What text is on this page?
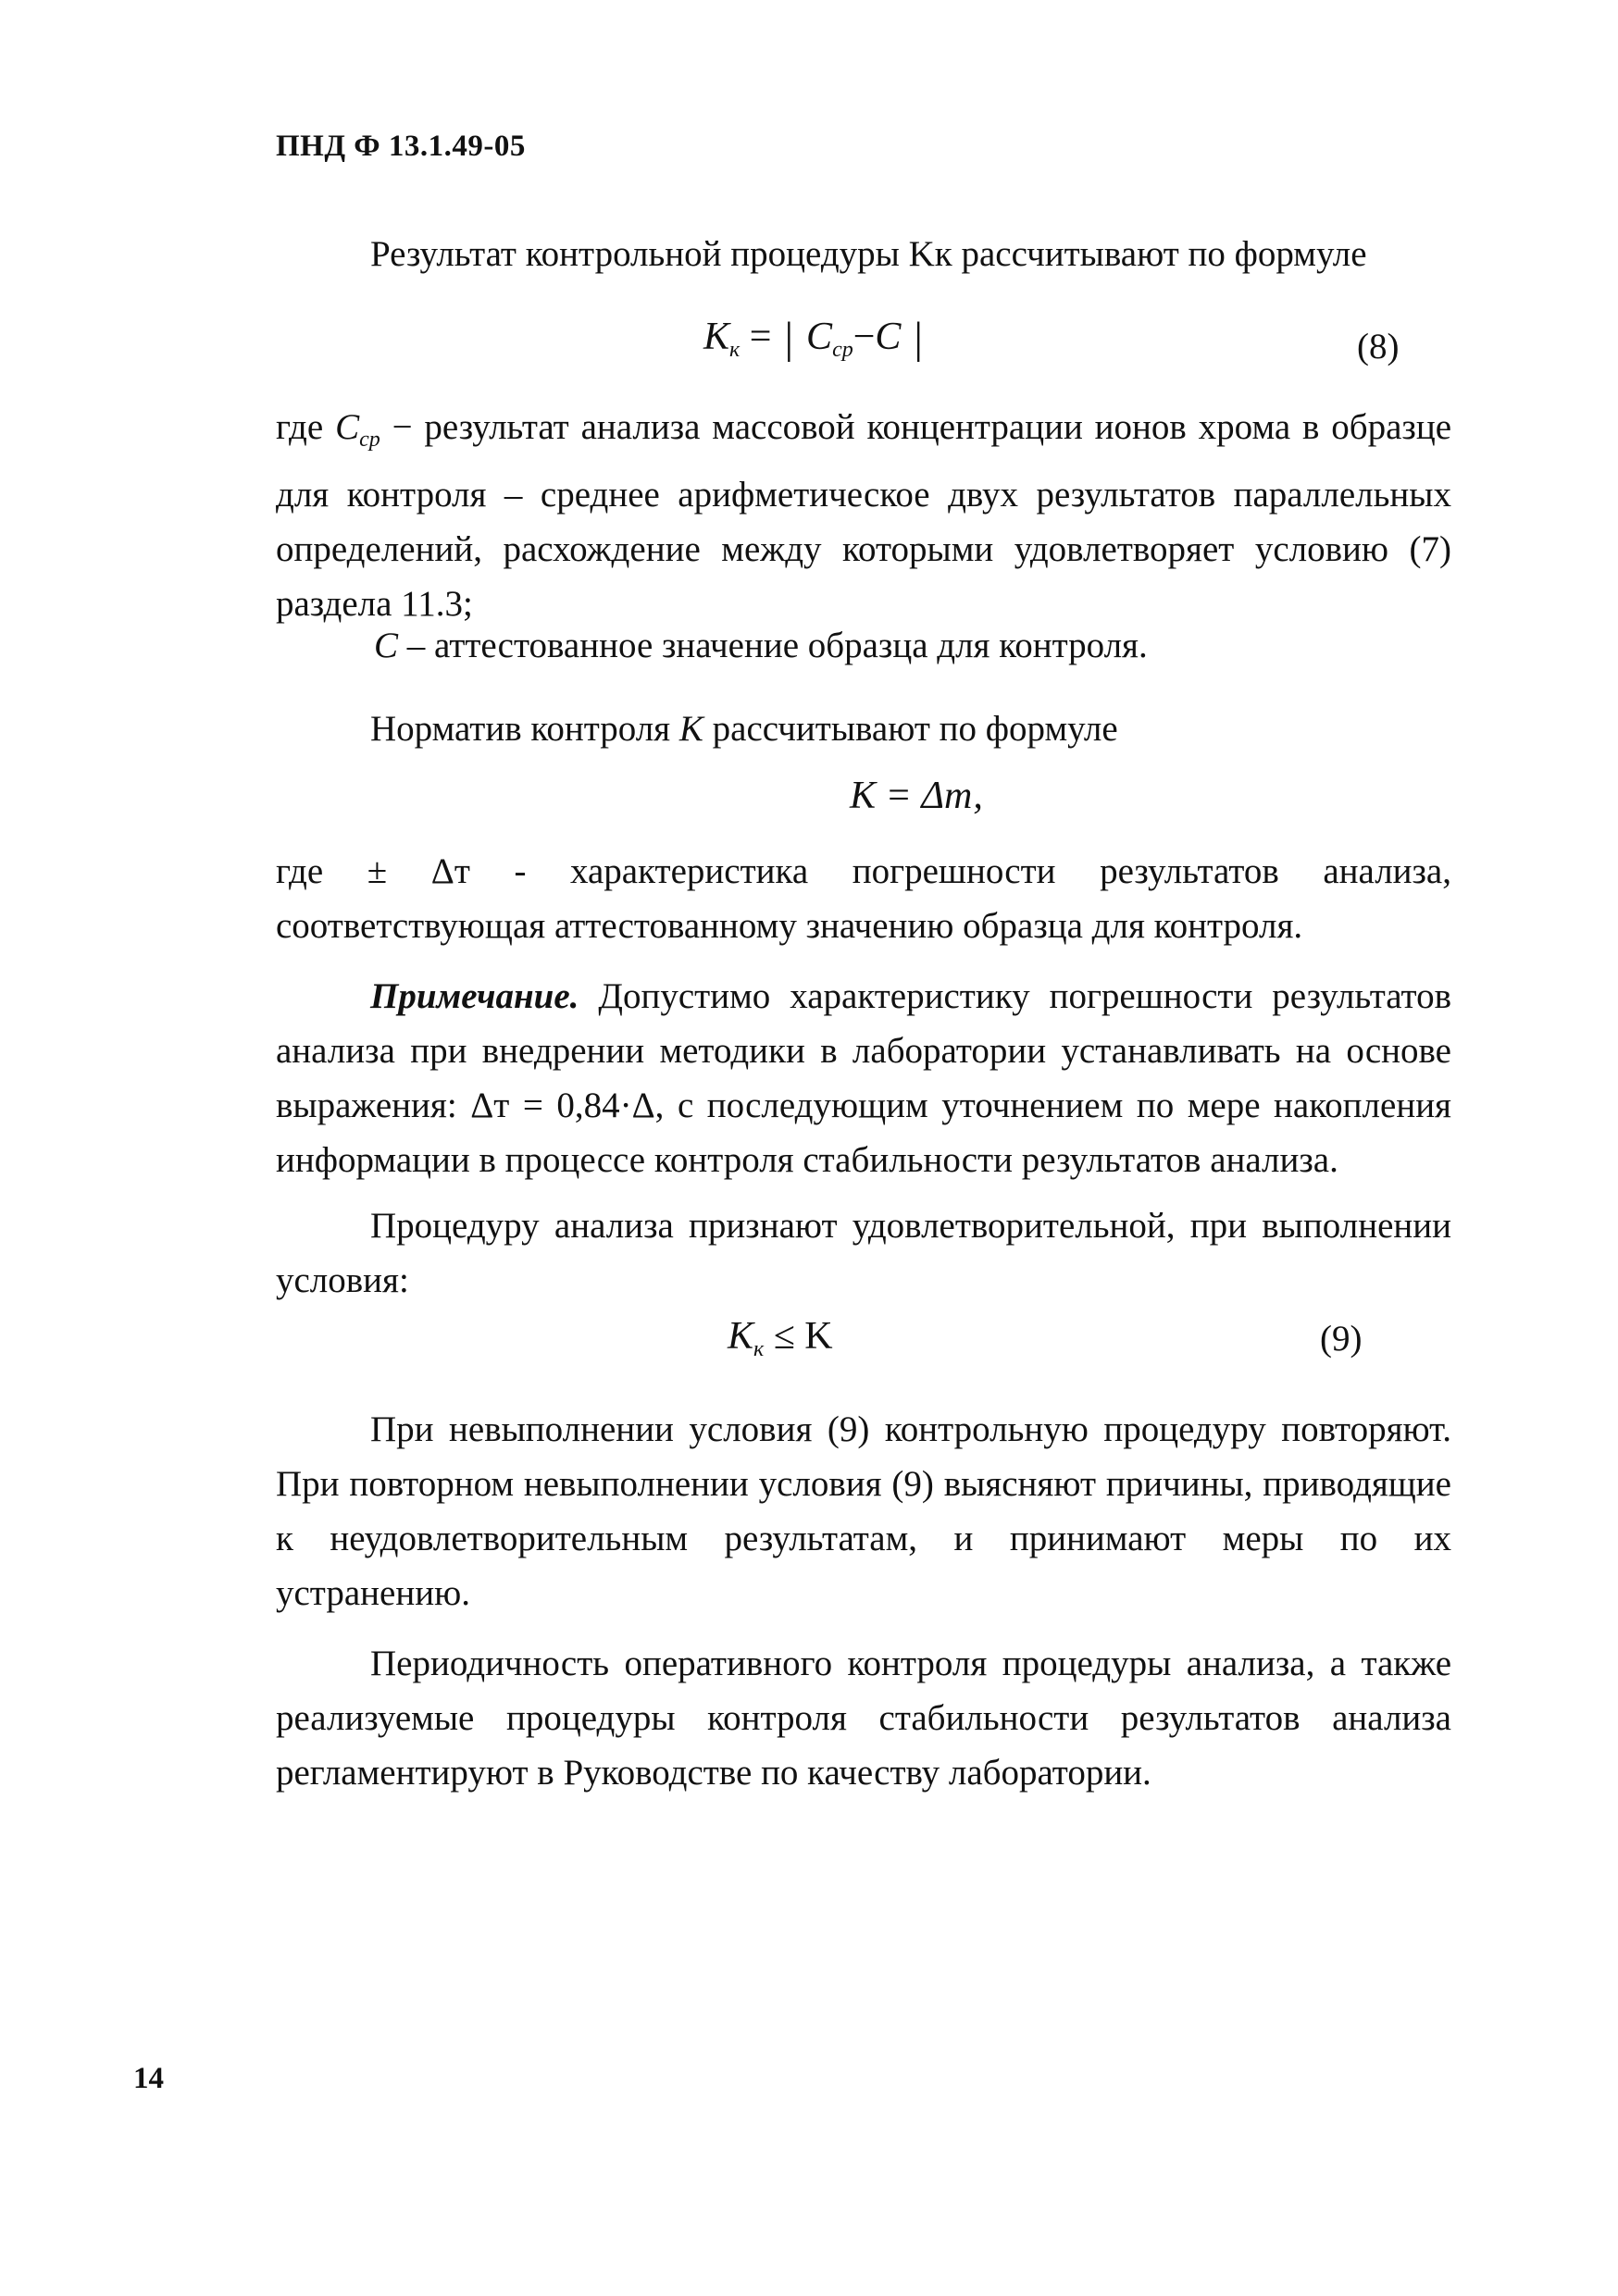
ПНД Ф 13.1.49-05

Результат контрольной процедуры Kк рассчитывают по формуле

$K_к$ = | $C_{ср}-C$ |	(8)

где $C_{ср}$ − результат анализа массовой концентрации ионов хрома в образце для контроля – среднее арифметическое двух результатов параллельных определений, расхождение между которыми удовлетворяет условию (7) раздела 11.3;

C – аттестованное значение образца для контроля.

Норматив контроля K рассчитывают по формуле

K = Δт,

где ± Δт - характеристика погрешности результатов анализа, соответствующая аттестованному значению образца для контроля.

Примечание. Допустимо характеристику погрешности результатов анализа при внедрении методики в лаборатории устанавливать на основе выражения: Δт = 0,84·Δ, с последующим уточнением по мере накопления информации в процессе контроля стабильности результатов анализа.

Процедуру анализа признают удовлетворительной, при выполнении условия:

$K_к \le K$	(9)

При невыполнении условия (9) контрольную процедуру повторяют. При повторном невыполнении условия (9) выясняют причины, приводящие к неудовлетворительным результатам, и принимают меры по их устранению.

Периодичность оперативного контроля процедуры анализа, а также реализуемые процедуры контроля стабильности результатов анализа регламентируют в Руководстве по качеству лаборатории.

14
